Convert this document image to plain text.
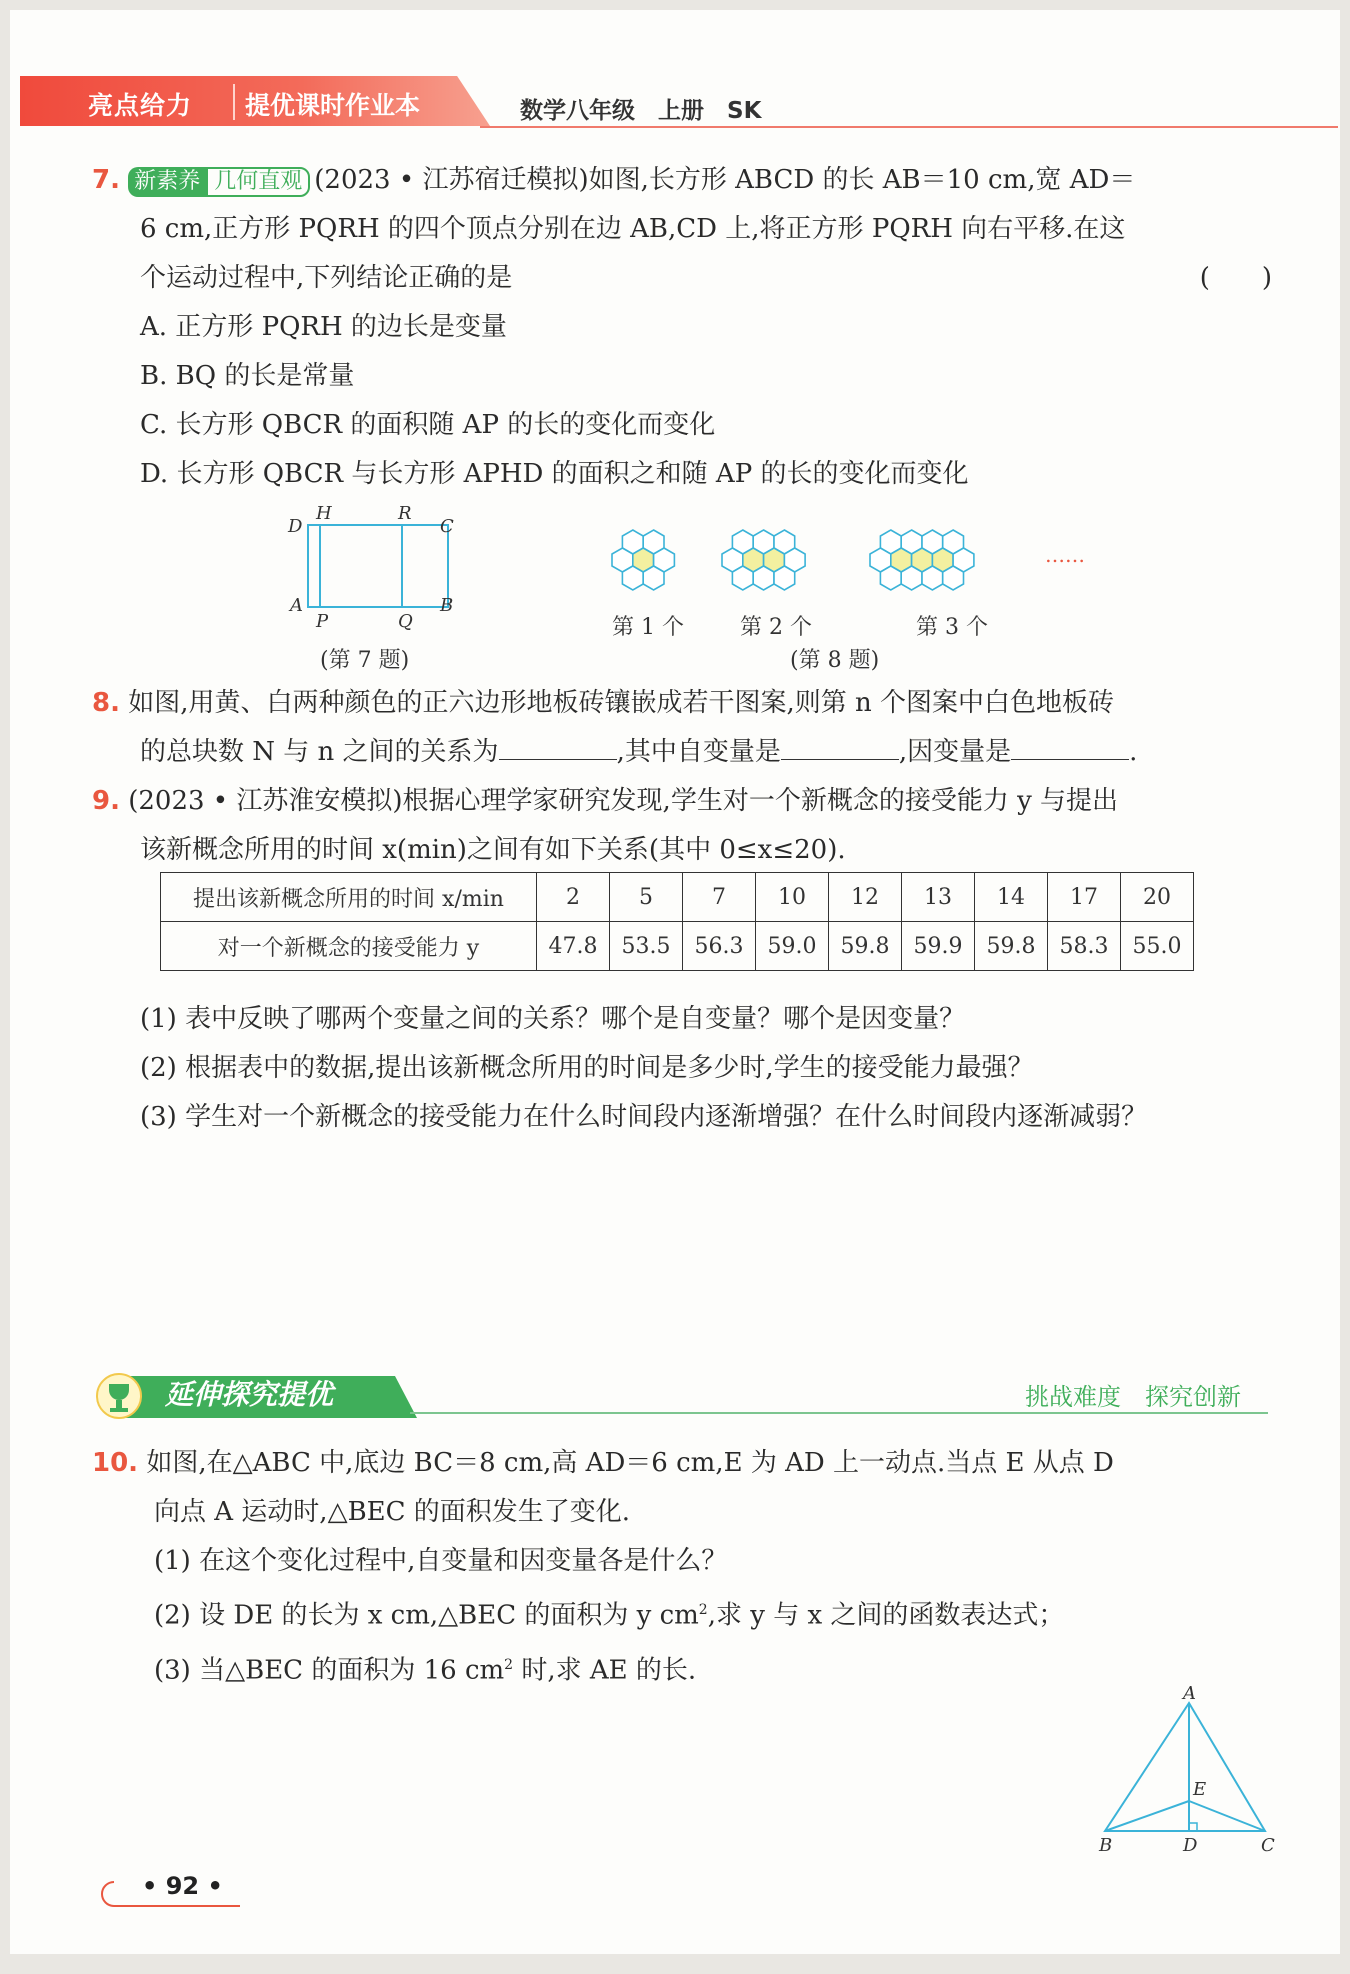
亮点给力 提优课时作业本	数学八年级　上册　SK
7. 新素养 几何直观 (2023 • 江苏宿迁模拟)如图,长方形 ABCD 的长 AB＝10 cm,宽 AD＝
6 cm,正方形 PQRH 的四个顶点分别在边 AB,CD 上,将正方形 PQRH 向右平移.在这
个运动过程中,下列结论正确的是	(　　)
A. 正方形 PQRH 的边长是变量
B. BQ 的长是常量
C. 长方形 QBCR 的面积随 AP 的长的变化而变化
D. 长方形 QBCR 与长方形 APHD 的面积之和随 AP 的长的变化而变化
D
H	R
C
A
P	Q
B
(第 7 题)
……
第 1 个	第 2 个	第 3 个
(第 8 题)
8. 如图,用黄、白两种颜色的正六边形地板砖镶嵌成若干图案,则第 n 个图案中白色地板砖
的总块数 N 与 n 之间的关系为	,其中自变量是	,因变量是	.
9. (2023 • 江苏淮安模拟)根据心理学家研究发现,学生对一个新概念的接受能力 y 与提出
该新概念所用的时间 x(min)之间有如下关系(其中 0≤x≤20).
提出该新概念所用的时间 x/min	2	5	7	10	12	13	14	17	20
对一个新概念的接受能力 y	47.8	53.5	56.3	59.0	59.8	59.9	59.8	58.3	55.0
(1) 表中反映了哪两个变量之间的关系？哪个是自变量？哪个是因变量？
(2) 根据表中的数据,提出该新概念所用的时间是多少时,学生的接受能力最强？
(3) 学生对一个新概念的接受能力在什么时间段内逐渐增强？在什么时间段内逐渐减弱？
延伸探究提优	挑战难度　探究创新
10. 如图,在△ABC 中,底边 BC＝8 cm,高 AD＝6 cm,E 为 AD 上一动点.当点 E 从点 D
向点 A 运动时,△BEC 的面积发生了变化.
(1) 在这个变化过程中,自变量和因变量各是什么？
(2) 设 DE 的长为 x cm,△BEC 的面积为 y $cm^2$,求 y 与 x 之间的函数表达式；
(3) 当△BEC 的面积为 16 $cm^2$ 时,求 AE 的长.
A
E
B	D	C
• 92 •
